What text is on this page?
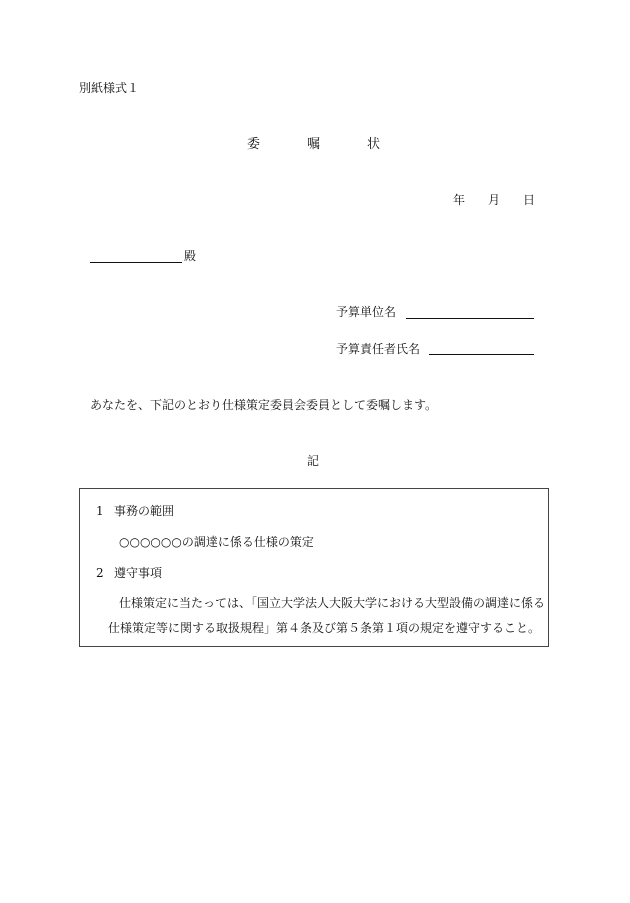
別紙様式１
委	嘱	状
年 月 日
殿
予算単位名
予算責任者氏名
あなたを、下記のとおり仕様策定委員会委員として委嘱します。
記
1 事務の範囲
○○○○○○の調達に係る仕様の策定
2 遵守事項
仕様策定に当たっては、「国立大学法人大阪大学における大型設備の調達に係る
仕様策定等に関する取扱規程」第４条及び第５条第１項の規定を遵守すること。
